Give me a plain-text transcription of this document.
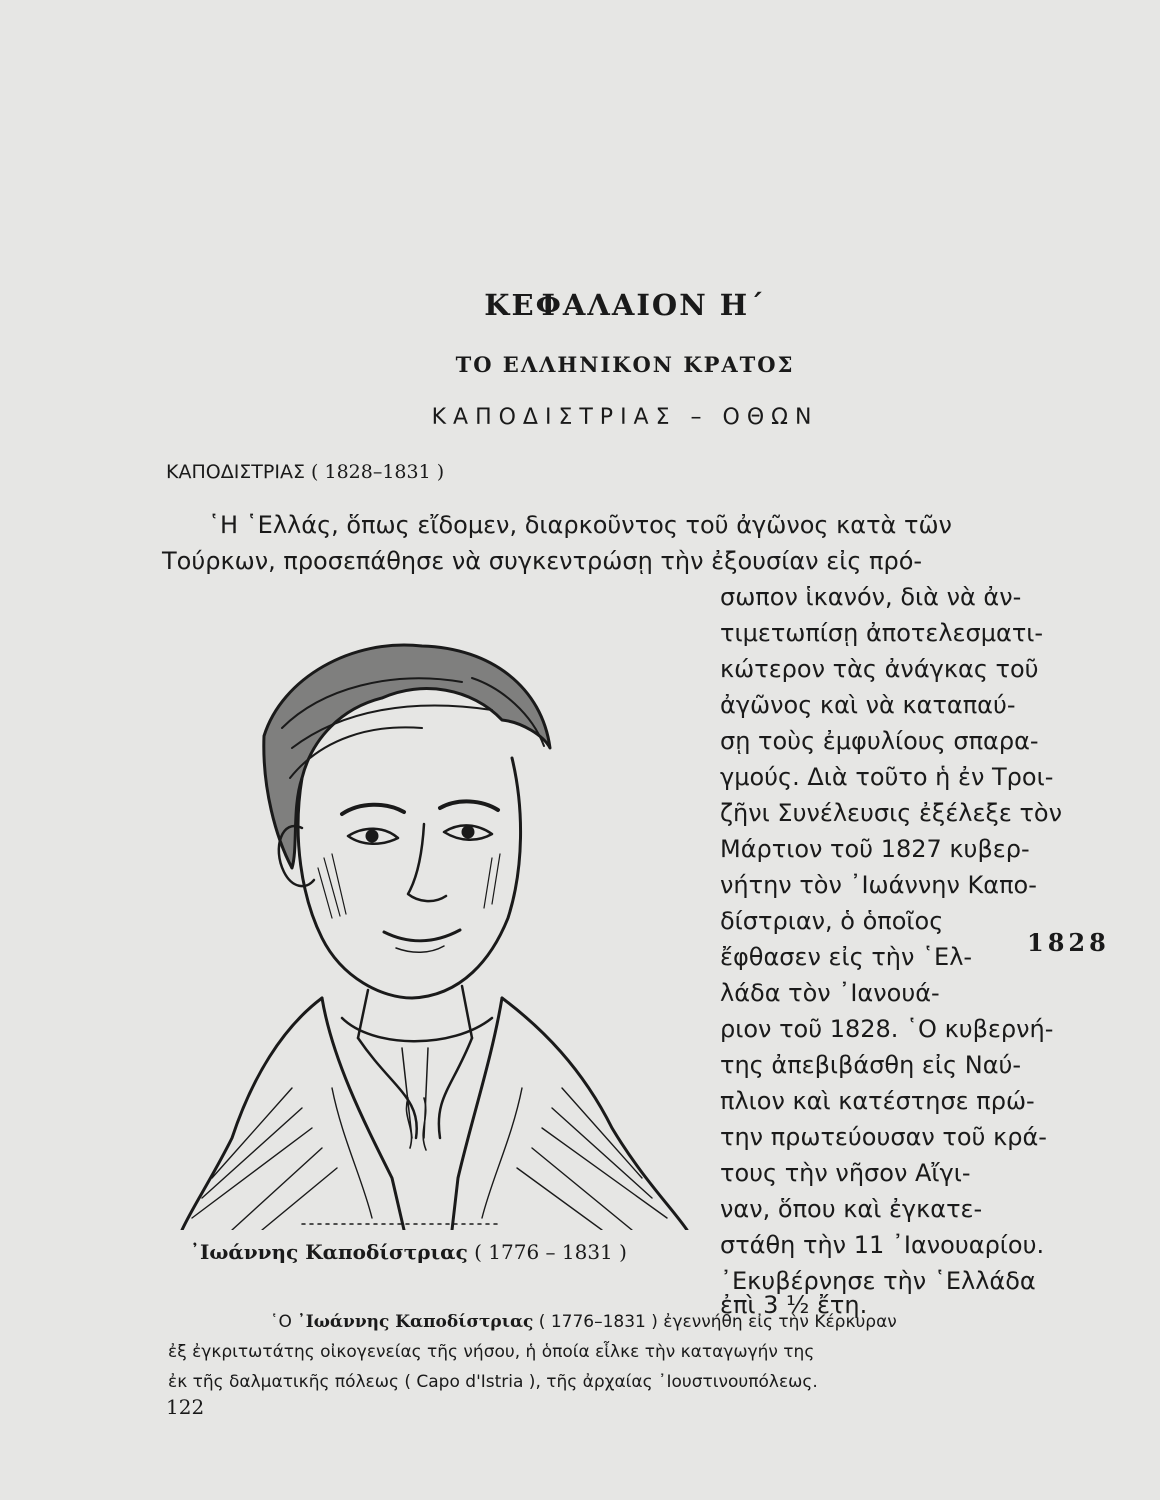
ΚΕΦΑΛΑΙΟΝ Η΄
ΤΟ ΕΛΛΗΝΙΚΟΝ ΚΡΑΤΟΣ
ΚΑΠΟΔΙΣΤΡΙΑΣ – ΟΘΩΝ
ΚΑΠΟΔΙΣΤΡΙΑΣ ( 1828–1831 )
῾Η ῾Ελλάς, ὅπως εἴδομεν, διαρκοῦντος τοῦ ἀγῶνος κατὰ τῶν
Τούρκων, προσεπάθησε νὰ συγκεντρώσῃ τὴν ἐξουσίαν εἰς πρό-
σωπον ἱκανόν, διὰ νὰ ἀν-
τιμετωπίσῃ ἀποτελεσματι-
κώτερον τὰς ἀνάγκας τοῦ
ἀγῶνος καὶ νὰ καταπαύ-
σῃ τοὺς ἐμφυλίους σπαρα-
γμούς. Διὰ τοῦτο ἡ ἐν Τροι-
ζῆνι Συνέλευσις ἐξέλεξε τὸν
Μάρτιον τοῦ 1827 κυβερ-
νήτην τὸν ᾿Ιωάννην Καπο-
δίστριαν, ὁ ὁποῖος
ἔφθασεν εἰς τὴν ῾Ελ-
λάδα τὸν ᾿Ιανουά-
ριον τοῦ 1828. ῾Ο κυβερνή-
της ἀπεβιβάσθη εἰς Ναύ-
πλιον καὶ κατέστησε πρώ-
την πρωτεύουσαν τοῦ κρά-
τους τὴν νῆσον Αἴγι-
ναν, ὅπου καὶ ἐγκατε-
στάθη τὴν 11 ᾿Ιανουαρίου.
᾿Εκυβέρνησε τὴν ῾Ελλάδα
ἐπὶ 3 ½ ἔτη.
1828
᾿Ιωάννης Καποδίστριας ( 1776 – 1831 )
῾Ο ᾿Ιωάννης Καποδίστριας ( 1776–1831 ) ἐγεννήθη εἰς τὴν Κέρκυραν
ἐξ ἐγκριτωτάτης οἰκογενείας τῆς νήσου, ἡ ὁποία εἷλκε τὴν καταγωγήν της
ἐκ τῆς δαλματικῆς πόλεως ( Capo d'Istria ), τῆς ἀρχαίας ᾿Ιουστινουπόλεως.
122
